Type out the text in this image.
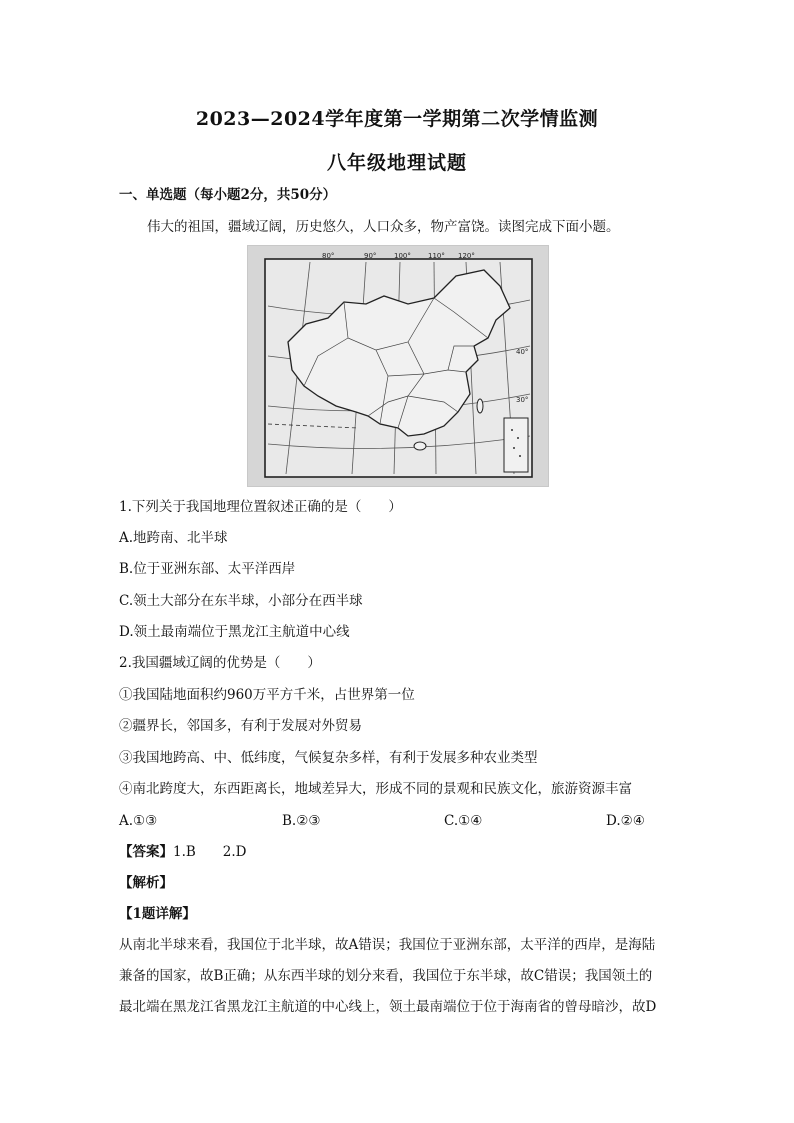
2023—2024学年度第一学期第二次学情监测
八年级地理试题
一、单选题（每小题2分，共50分）
伟大的祖国，疆域辽阔，历史悠久，人口众多，物产富饶。读图完成下面小题。
80°	90°	100° 110° 120°
40°
30°
1.下列关于我国地理位置叙述正确的是（　　）
A.地跨南、北半球
B.位于亚洲东部、太平洋西岸
C.领土大部分在东半球，小部分在西半球
D.领土最南端位于黑龙江主航道中心线
2.我国疆域辽阔的优势是（　　）
①我国陆地面积约960万平方千米，占世界第一位
②疆界长，邻国多，有利于发展对外贸易
③我国地跨高、中、低纬度，气候复杂多样，有利于发展多种农业类型
④南北跨度大，东西距离长，地域差异大，形成不同的景观和民族文化，旅游资源丰富
A.①③	B.②③	C.①④	D.②④
【答案】1.B　　2.D
【解析】
【1题详解】
从南北半球来看，我国位于北半球，故A错误；我国位于亚洲东部，太平洋的西岸，是海陆
兼备的国家，故B正确；从东西半球的划分来看，我国位于东半球，故C错误；我国领土的
最北端在黑龙江省黑龙江主航道的中心线上，领土最南端位于位于海南省的曾母暗沙，故D
